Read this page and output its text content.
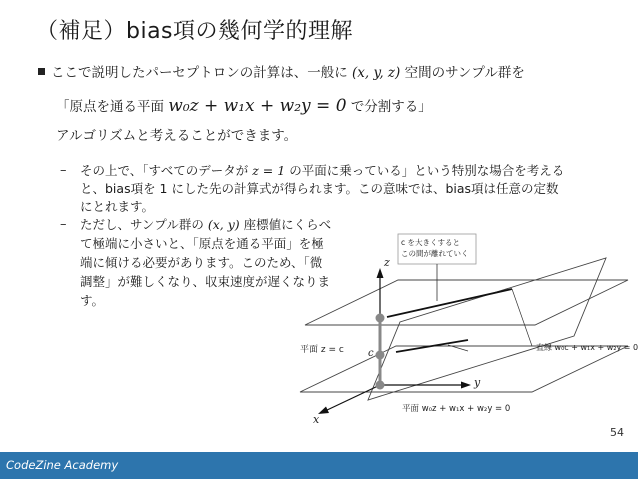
（補足）bias項の幾何学的理解
ここで説明したパーセプトロンの計算は、一般に (x, y, z) 空間のサンプル群を
「原点を通る平面 w₀z + w₁x + w₂y = 0 で分割する」
アルゴリズムと考えることができます。
– その上で、「すべてのデータが z = 1 の平面に乗っている」という特別な場合を考える
と、bias項を 1 にした先の計算式が得られます。この意味では、bias項は任意の定数
にとれます。
– ただし、サンプル群の (x, y) 座標値にくらべ
て極端に小さいと、「原点を通る平面」を極
端に傾ける必要があります。このため、「微
調整」が難しくなり、収束速度が遅くなりま
す。
z
y
x
c
平面 z = c	直線 w₀c + w₁x + w₂y = 0
平面 w₀z + w₁x + w₂y = 0
c を大きくすると
この間が離れていく
54
CodeZine Academy
